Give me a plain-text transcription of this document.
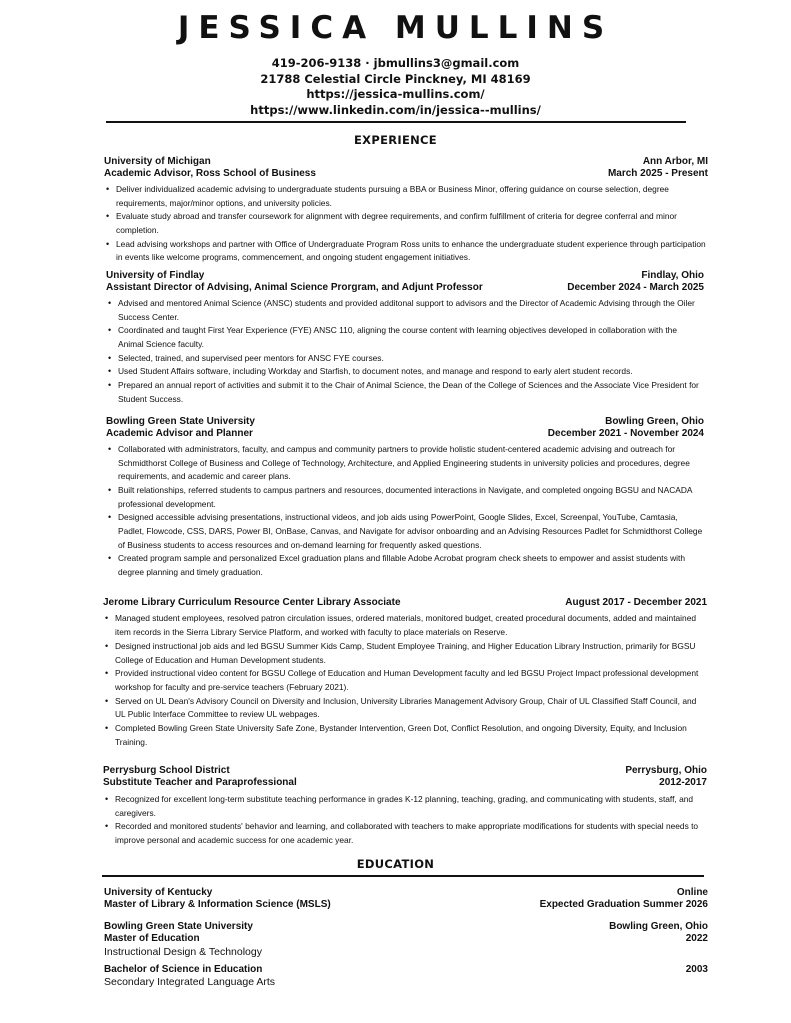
JESSICA MULLINS
419-206-9138 · jbmullins3@gmail.com
21788 Celestial Circle Pinckney, MI 48169
https://jessica-mullins.com/
https://www.linkedin.com/in/jessica--mullins/
EXPERIENCE
University of Michigan	Ann Arbor, MI
Academic Advisor, Ross School of Business	March 2025 - Present
• Deliver individualized academic advising to undergraduate students pursuing a BBA or Business Minor, offering guidance on course selection, degree requirements, major/minor options, and university policies.
• Evaluate study abroad and transfer coursework for alignment with degree requirements, and confirm fulfillment of criteria for degree conferral and minor completion.
• Lead advising workshops and partner with Office of Undergraduate Program Ross units to enhance the undergraduate student experience through participation in events like welcome programs, commencement, and ongoing student engagement initiatives.
University of Findlay	Findlay, Ohio
Assistant Director of Advising, Animal Science Prorgram, and Adjunt Professor	December 2024 - March 2025
• Advised and mentored Animal Science (ANSC) students and provided additonal support to advisors and the Director of Academic Advising through the Oiler Success Center.
• Coordinated and taught First Year Experience (FYE) ANSC 110, aligning the course content with learning objectives developed in collaboration with the Animal Science faculty.
• Selected, trained, and supervised peer mentors for ANSC FYE courses.
• Used Student Affairs software, including Workday and Starfish, to document notes, and manage and respond to early alert student records.
• Prepared an annual report of activities and submit it to the Chair of Animal Science, the Dean of the College of Sciences and the Associate Vice President for Student Success.
Bowling Green State University	Bowling Green, Ohio
Academic Advisor and Planner	December 2021 - November 2024
• Collaborated with administrators, faculty, and campus and community partners to provide holistic student-centered academic advising and outreach for Schmidthorst College of Business and College of Technology, Architecture, and Applied Engineering students in university policies and procedures, degree requirements, and academic and career plans.
• Built relationships, referred students to campus partners and resources, documented interactions in Navigate, and completed ongoing BGSU and NACADA professional development.
• Designed accessible advising presentations, instructional videos, and job aids using PowerPoint, Google Slides, Excel, Screenpal, YouTube, Camtasia, Padlet, Flowcode, CSS, DARS, Power BI, OnBase, Canvas, and Navigate for advisor onboarding and an Advising Resources Padlet for Schmidthorst College of Business students to access resources and on-demand learning for frequently asked questions.
• Created program sample and personalized Excel graduation plans and fillable Adobe Acrobat program check sheets to empower and assist students with degree planning and timely graduation.
Jerome Library Curriculum Resource Center Library Associate	August 2017 - December 2021
• Managed student employees, resolved patron circulation issues, ordered materials, monitored budget, created procedural documents, added and maintained item records in the Sierra Library Service Platform, and worked with faculty to place materials on Reserve.
• Designed instructional job aids and led BGSU Summer Kids Camp, Student Employee Training, and Higher Education Library Instruction, primarily for BGSU College of Education and Human Development students.
• Provided instructional video content for BGSU College of Education and Human Development faculty and led BGSU Project Impact professional development workshop for faculty and pre-service teachers (February 2021).
• Served on UL Dean's Advisory Council on Diversity and Inclusion, University Libraries Management Advisory Group, Chair of UL Classified Staff Council, and UL Public Interface Committee to review UL webpages.
• Completed Bowling Green State University Safe Zone, Bystander Intervention, Green Dot, Conflict Resolution, and ongoing Diversity, Equity, and Inclusion Training.
Perrysburg School District	Perrysburg, Ohio
Substitute Teacher and Paraprofessional	2012-2017
• Recognized for excellent long-term substitute teaching performance in grades K-12 planning, teaching, grading, and communicating with students, staff, and caregivers.
• Recorded and monitored students' behavior and learning, and collaborated with teachers to make appropriate modifications for students with special needs to improve personal and academic success for one academic year.
EDUCATION
University of Kentucky	Online
Master of Library & Information Science (MSLS)	Expected Graduation Summer 2026
Bowling Green State University	Bowling Green, Ohio
Master of Education	2022
Instructional Design & Technology
Bachelor of Science in Education	2003
Secondary Integrated Language Arts
